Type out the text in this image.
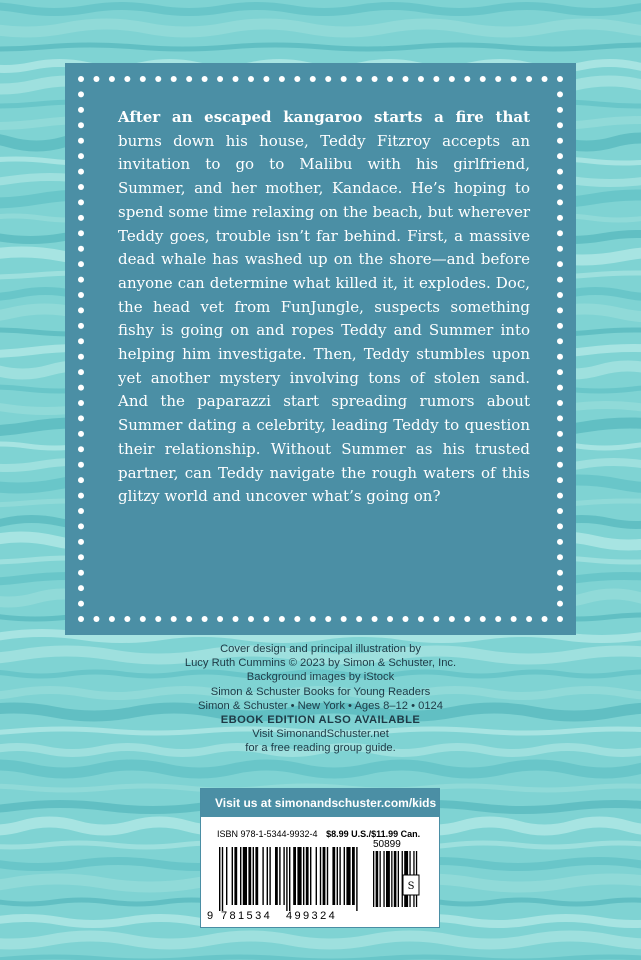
After an escaped kangaroo starts a fire that burns down his house, Teddy Fitzroy accepts an invitation to go to Malibu with his girlfriend, Summer, and her mother, Kandace. He’s hoping to spend some time relaxing on the beach, but wherever Teddy goes, trouble isn’t far behind. First, a massive dead whale has washed up on the shore—and before anyone can determine what killed it, it explodes. Doc, the head vet from FunJungle, suspects something fishy is going on and ropes Teddy and Summer into helping him investigate. Then, Teddy stumbles upon yet another mystery involving tons of stolen sand. And the paparazzi start spreading rumors about Summer dating a celebrity, leading Teddy to question their relationship. Without Summer as his trusted partner, can Teddy navigate the rough waters of this glitzy world and uncover what’s going on?

Cover design and principal illustration by
Lucy Ruth Cummins © 2023 by Simon & Schuster, Inc.
Background images by iStock
Simon & Schuster Books for Young Readers
Simon & Schuster • New York • Ages 8–12 • 0124
EBOOK EDITION ALSO AVAILABLE
Visit SimonandSchuster.net
for a free reading group guide.
Visit us at simonandschuster.com/kids
ISBN 978-1-5344-9932-4 $8.99 U.S./$11.99 Can.
50899
9 781534 499324
S
